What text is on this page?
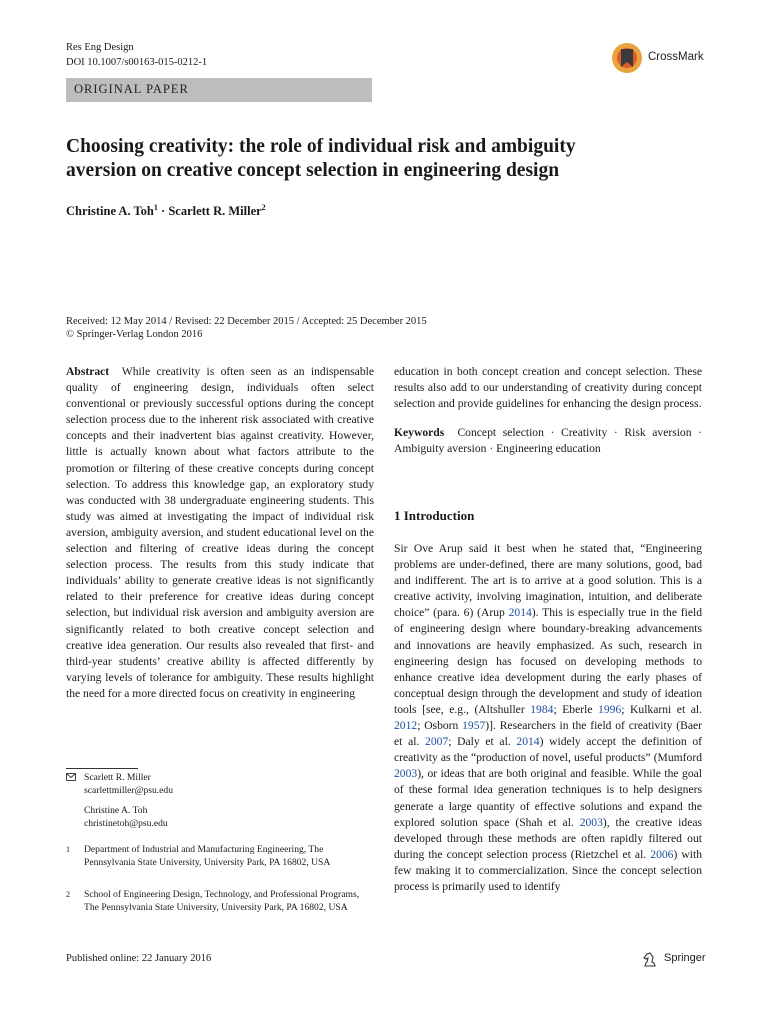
Res Eng Design
DOI 10.1007/s00163-015-0212-1	CrossMark
ORIGINAL PAPER
Choosing creativity: the role of individual risk and ambiguity
aversion on creative concept selection in engineering design
Christine A. Toh$^1$ · Scarlett R. Miller$^2$
Received: 12 May 2014 / Revised: 22 December 2015 / Accepted: 25 December 2015
© Springer-Verlag London 2016

Abstract While creativity is often seen as an indispensable quality of engineering design, individuals often select conventional or previously successful options during the concept selection process due to the inherent risk associated with creative concepts and their inadvertent bias against creativity. However, little is actually known about what factors attribute to the promotion or filtering of these creative concepts during concept selection. To address this knowledge gap, an exploratory study was conducted with 38 undergraduate engineering students. This study was aimed at investigating the impact of individual risk aversion, ambiguity aversion, and student educational level on the selection and filtering of creative ideas during the concept selection process. The results from this study indicate that individuals’ ability to generate creative ideas is not significantly related to their preference for creative ideas during concept selection, but individual risk aversion and ambiguity aversion are significantly related to both creative concept selection and creative idea generation. Our results also revealed that first- and third-year students’ creative ability is affected differently by varying levels of tolerance for ambiguity. These results highlight the need for a more directed focus on creativity in engineering

education in both concept creation and concept selection. These results also add to our understanding of creativity during concept selection and provide guidelines for enhancing the design process.

Keywords Concept selection · Creativity · Risk aversion · Ambiguity aversion · Engineering education

1 Introduction

Sir Ove Arup said it best when he stated that, “Engineering problems are under-defined, there are many solutions, good, bad and indifferent. The art is to arrive at a good solution. This is a creative activity, involving imagination, intuition, and deliberate choice” (para. 6) (Arup 2014). This is especially true in the field of engineering design where boundary-breaking advancements and innovations are heavily emphasized. As such, research in engineering design has focused on developing methods to enhance creative idea development during the early phases of conceptual design through the development and study of ideation tools [see, e.g., (Altshuller 1984; Eberle 1996; Kulkarni et al. 2012; Osborn 1957)]. Researchers in the field of creativity (Baer et al. 2007; Daly et al. 2014) widely accept the definition of creativity as the “production of novel, useful products” (Mumford 2003), or ideas that are both original and feasible. While the goal of these formal idea generation techniques is to help designers generate a large quantity of effective solutions and expand the explored solution space (Shah et al. 2003), the creative ideas developed through these methods are often rapidly filtered out during the concept selection process (Rietzchel et al. 2006) with few making it to commercialization. Since the concept selection process is primarily used to identify

Scarlett R. Miller
scarlettmiller@psu.edu
Christine A. Toh
christinetoh@psu.edu
1 Department of Industrial and Manufacturing Engineering, The Pennsylvania State University, University Park, PA 16802, USA
2 School of Engineering Design, Technology, and Professional Programs, The Pennsylvania State University, University Park, PA 16802, USA
Published online: 22 January 2016	Springer
